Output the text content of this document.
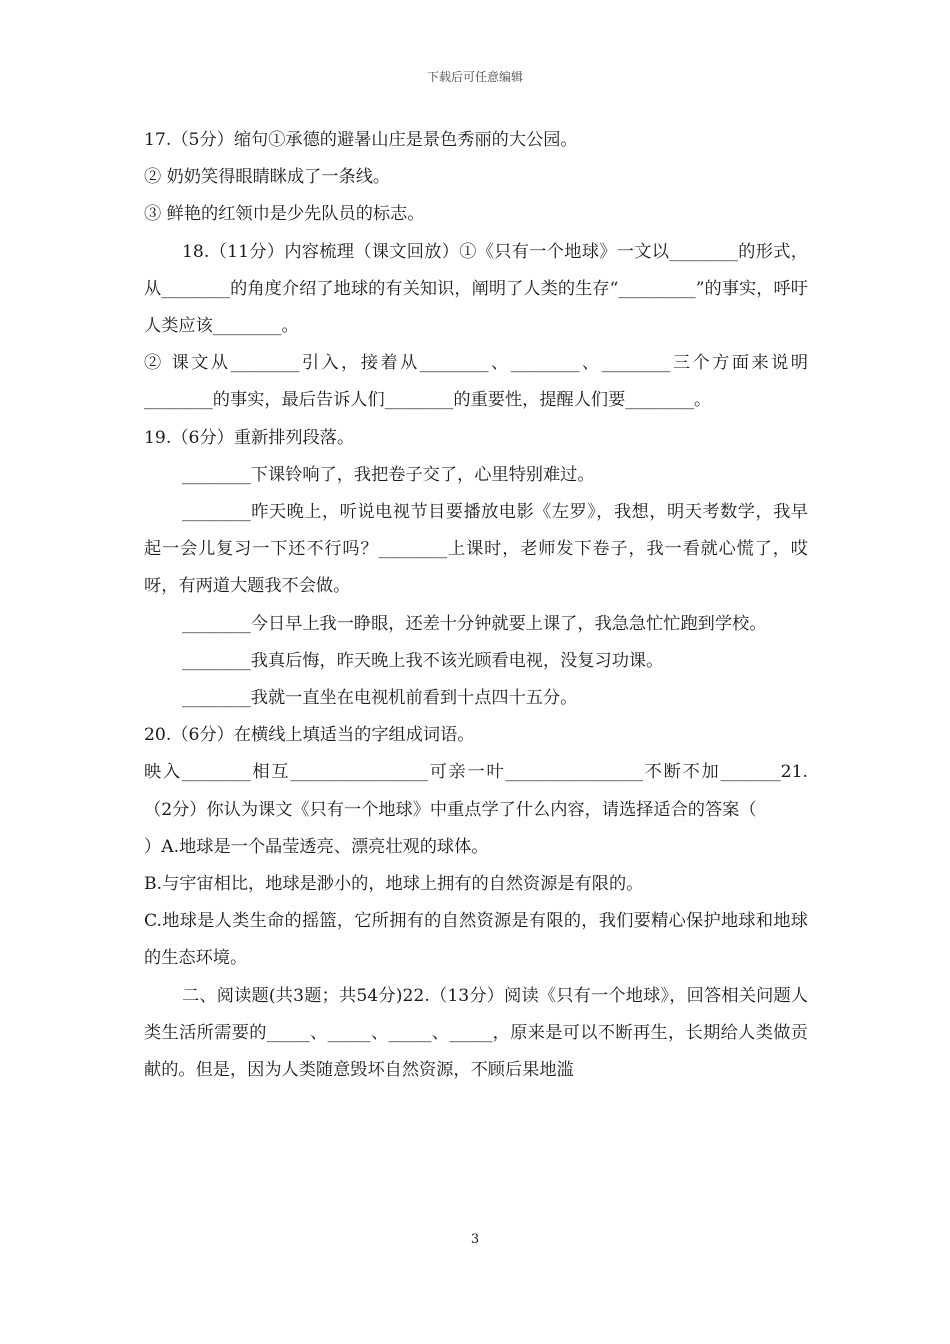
下载后可任意编辑

17.（5分）缩句①承德的避暑山庄是景色秀丽的大公园。

② 奶奶笑得眼睛眯成了一条线。

③ 鲜艳的红领巾是少先队员的标志。

18.（11分）内容梳理（课文回放）①《只有一个地球》一文以________的形式，从________的角度介绍了地球的有关知识，阐明了人类的生存“_________”的事实，呼吁人类应该________。

② 课文从________引入，接着从________、________、________三个方面来说明________的事实，最后告诉人们________的重要性，提醒人们要________。

19.（6分）重新排列段落。

________下课铃响了，我把卷子交了，心里特别难过。

________昨天晚上，听说电视节目要播放电影《左罗》，我想，明天考数学，我早起一会儿复习一下还不行吗？________上课时，老师发下卷子，我一看就心慌了，哎呀，有两道大题我不会做。

________今日早上我一睁眼，还差十分钟就要上课了，我急急忙忙跑到学校。

________我真后悔，昨天晚上我不该光顾看电视，没复习功课。

________我就一直坐在电视机前看到十点四十五分。

20.（6分）在横线上填适当的字组成词语。

映入________相互________________可亲一叶________________不断不加_______21.（2分）你认为课文《只有一个地球》中重点学了什么内容，请选择适合的答案（

）A.地球是一个晶莹透亮、漂亮壮观的球体。

B.与宇宙相比，地球是渺小的，地球上拥有的自然资源是有限的。

C.地球是人类生命的摇篮，它所拥有的自然资源是有限的，我们要精心保护地球和地球的生态环境。

二、阅读题(共3题；共54分)22.（13分）阅读《只有一个地球》，回答相关问题人类生活所需要的_____、_____、_____、_____，原来是可以不断再生，长期给人类做贡献的。但是，因为人类随意毁坏自然资源，不顾后果地滥

3
